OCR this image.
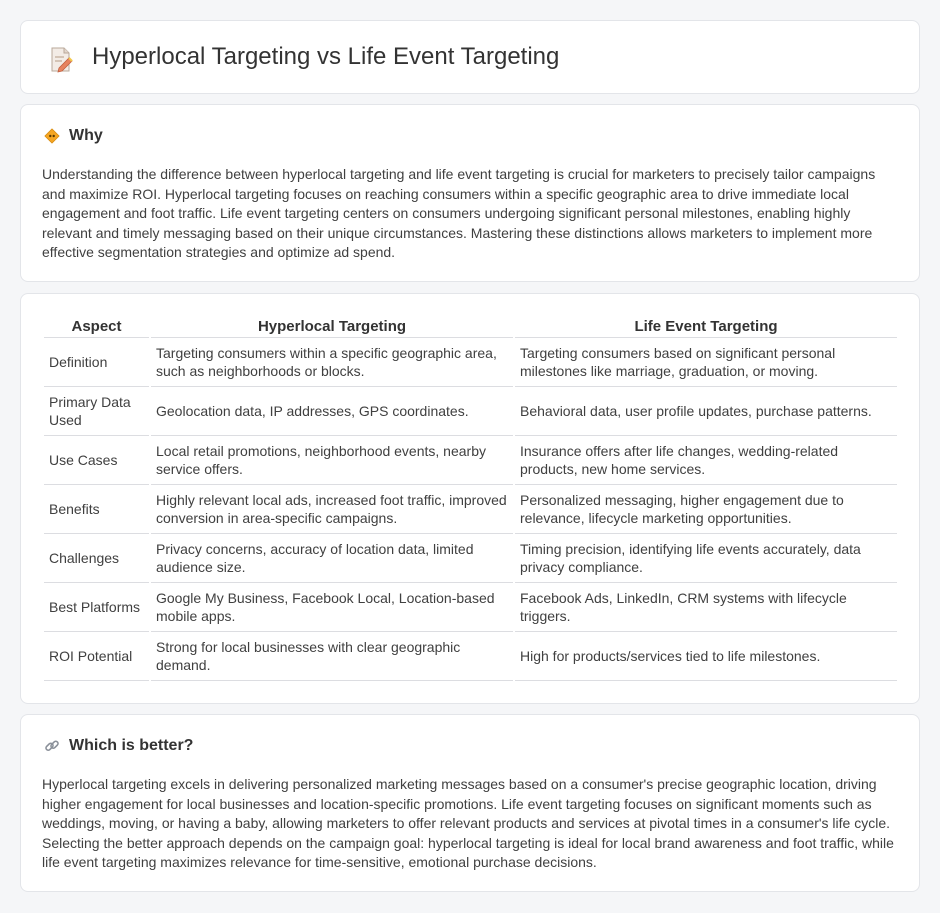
Hyperlocal Targeting vs Life Event Targeting
Why

Understanding the difference between hyperlocal targeting and life event targeting is crucial for marketers to precisely tailor campaigns and maximize ROI. Hyperlocal targeting focuses on reaching consumers within a specific geographic area to drive immediate local engagement and foot traffic. Life event targeting centers on consumers undergoing significant personal milestones, enabling highly relevant and timely messaging based on their unique circumstances. Mastering these distinctions allows marketers to implement more effective segmentation strategies and optimize ad spend.

Aspect	Hyperlocal Targeting	Life Event Targeting
Definition	Targeting consumers within a specific geographic area, such as neighborhoods or blocks.	Targeting consumers based on significant personal milestones like marriage, graduation, or moving.
Primary Data Used	Geolocation data, IP addresses, GPS coordinates.	Behavioral data, user profile updates, purchase patterns.
Use Cases	Local retail promotions, neighborhood events, nearby service offers.	Insurance offers after life changes, wedding-related products, new home services.
Benefits	Highly relevant local ads, increased foot traffic, improved conversion in area-specific campaigns.	Personalized messaging, higher engagement due to relevance, lifecycle marketing opportunities.
Challenges	Privacy concerns, accuracy of location data, limited audience size.	Timing precision, identifying life events accurately, data privacy compliance.
Best Platforms	Google My Business, Facebook Local, Location-based mobile apps.	Facebook Ads, LinkedIn, CRM systems with lifecycle triggers.
ROI Potential	Strong for local businesses with clear geographic demand.	High for products/services tied to life milestones.
Which is better?

Hyperlocal targeting excels in delivering personalized marketing messages based on a consumer's precise geographic location, driving higher engagement for local businesses and location-specific promotions. Life event targeting focuses on significant moments such as weddings, moving, or having a baby, allowing marketers to offer relevant products and services at pivotal times in a consumer's life cycle. Selecting the better approach depends on the campaign goal: hyperlocal targeting is ideal for local brand awareness and foot traffic, while life event targeting maximizes relevance for time-sensitive, emotional purchase decisions.
